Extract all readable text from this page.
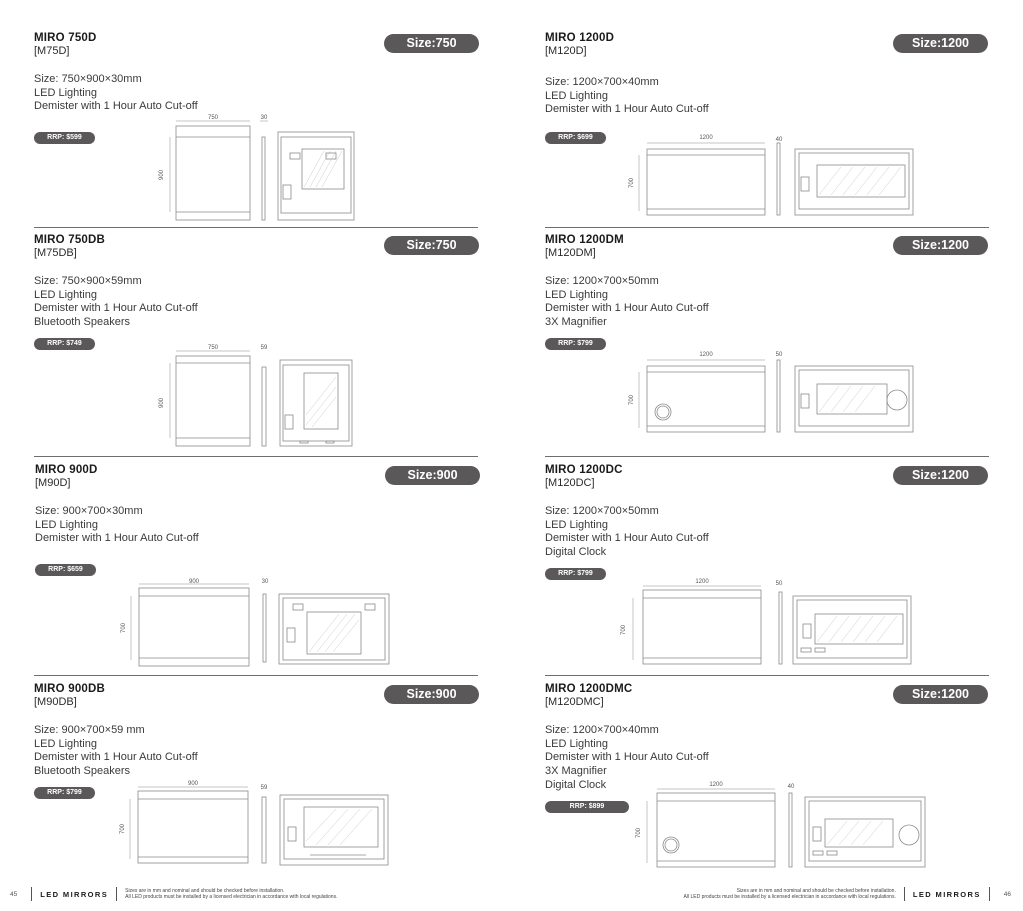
MIRO 750D
[M75D]
Size:750
Size: 750×900×30mm
LED Lighting
Demister with 1 Hour Auto Cut-off
RRP: $599
750
900
30
MIRO 750DB
[M75DB]
Size:750
Size: 750×900×59mm
LED Lighting
Demister with 1 Hour Auto Cut-off
Bluetooth Speakers
RRP: $749
750
900
59
MIRO 900D
[M90D]
Size:900
Size: 900×700×30mm
LED Lighting
Demister with 1 Hour Auto Cut-off
RRP: $659
900
700
30
MIRO 900DB
[M90DB]
Size:900
Size: 900×700×59 mm
LED Lighting
Demister with 1 Hour Auto Cut-off
Bluetooth Speakers
RRP: $799
900
700
59
MIRO 1200D
[M120D]
Size:1200
Size: 1200×700×40mm
LED Lighting
Demister with 1 Hour Auto Cut-off
RRP: $699	1200
700
40
MIRO 1200DM
[M120DM]
Size:1200
Size: 1200×700×50mm
LED Lighting
Demister with 1 Hour Auto Cut-off
3X Magnifier
RRP: $799
1200
700
50
MIRO 1200DC
[M120DC]
Size:1200
Size: 1200×700×50mm
LED Lighting
Demister with 1 Hour Auto Cut-off
Digital Clock
RRP: $799
1200
700
50
MIRO 1200DMC
[M120DMC]
Size:1200
Size: 1200×700×40mm
LED Lighting
Demister with 1 Hour Auto Cut-off
3X Magnifier
Digital Clock
RRP: $899
1200
700
40
45	LED MIRRORS	Sizes are in mm and nominal and should be checked before installation.
All LED products must be installed by a licensed electrician in accordance with local regulations.
Sizes are in mm and nominal and should be checked before installation.
All LED products must be installed by a licensed electrician in accordance with local regulations. LED MIRRORS	46
